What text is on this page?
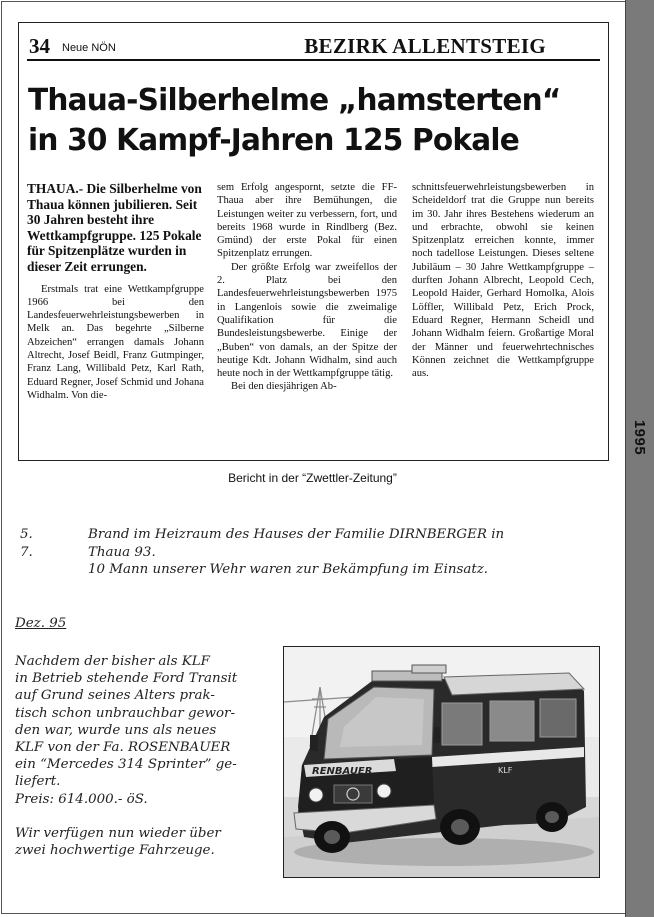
1995
34 Neue NÖN	BEZIRK ALLENTSTEIG
Thaua-Silberhelme „hamsterten“
in 30 Kampf-Jahren 125 Pokale

THAUA.- Die Silberhelme von Thaua können jubilieren. Seit 30 Jahren besteht ihre Wettkampfgruppe. 125 Pokale für Spitzenplätze wurden in dieser Zeit errungen.

Erstmals trat eine Wettkampfgruppe 1966 bei den Landesfeuerwehrleistungsbewerben in Melk an. Das begehrte „Silberne Abzeichen“ errangen damals Johann Altrecht, Josef Beidl, Franz Gutmpinger, Franz Lang, Willibald Petz, Karl Rath, Eduard Regner, Josef Schmid und Johana Widhalm. Von die-

sem Erfolg angespornt, setzte die FF-Thaua aber ihre Bemühungen, die Leistungen weiter zu verbessern, fort, und bereits 1968 wurde in Rindlberg (Bez. Gmünd) der erste Pokal für einen Spitzenplatz errungen.

Der größte Erfolg war zweifellos der 2. Platz bei den Landesfeuerwehrleistungsbewerben 1975 in Langenlois sowie die zweimalige Qualifikation für die Bundesleistungsbewerbe. Einige der „Buben“ von damals, an der Spitze der heutige Kdt. Johann Widhalm, sind auch heute noch in der Wettkampfgruppe tätig.

Bei den diesjährigen Ab-

schnittsfeuerwehrleistungsbewerben in Scheideldorf trat die Gruppe nun bereits im 30. Jahr ihres Bestehens wiederum an und erbrachte, obwohl sie keinen Spitzenplatz erreichen konnte, immer noch tadellose Leistungen. Dieses seltene Jubiläum – 30 Jahre Wettkampfgruppe – durften Johann Albrecht, Leopold Cech, Leopold Haider, Gerhard Homolka, Alois Löffler, Willibald Petz, Erich Prock, Eduard Regner, Hermann Scheidl und Johann Widhalm feiern. Großartige Moral der Männer und feuerwehrtechnisches Können zeichnet die Wettkampfgruppe aus.

Bericht in der “Zwettler-Zeitung”
5. 7.
Brand im Heizraum des Hauses der Familie DIRNBERGER in
Thaua 93.
10 Mann unserer Wehr waren zur Bekämpfung im Einsatz.
Dez. 95

Nachdem der bisher als KLF

in Betrieb stehende Ford Transit

auf Grund seines Alters prak-

tisch schon unbrauchbar gewor-

den war, wurde uns als neues

KLF von der Fa. ROSENBAUER

ein “Mercedes 314 Sprinter” ge-

liefert.

Preis: 614.000.- öS.

Wir verfügen nun wieder über

zwei hochwertige Fahrzeuge.

RENBAUER	KLF
